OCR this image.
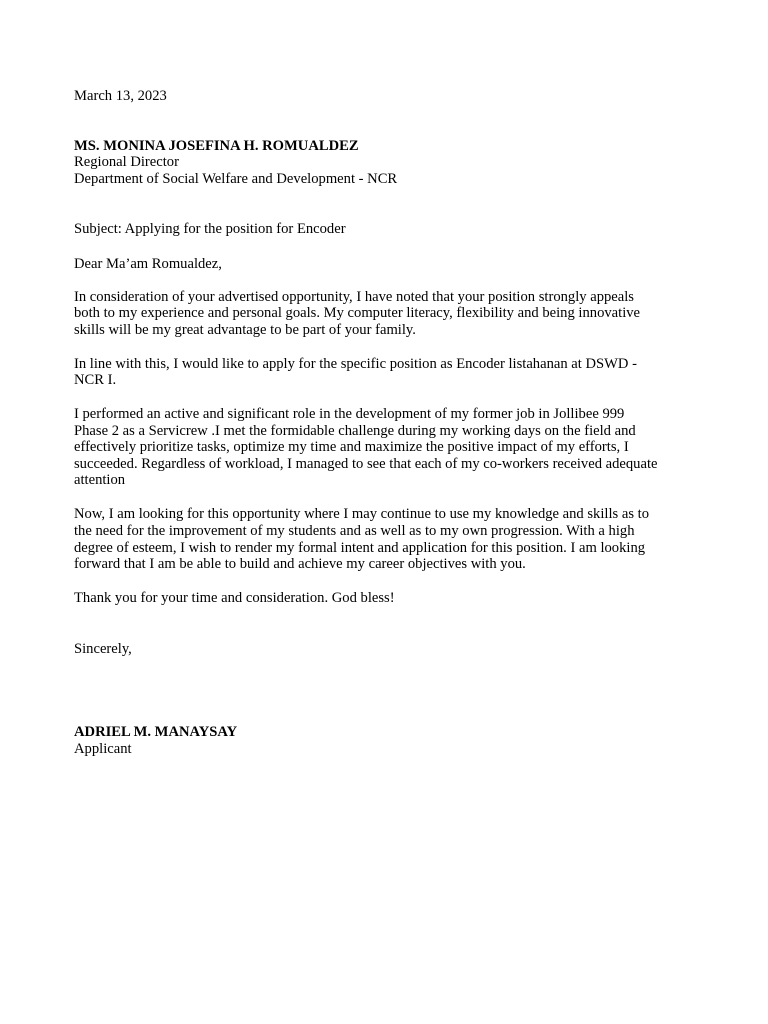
March 13, 2023
MS. MONINA JOSEFINA H. ROMUALDEZ
Regional Director
Department of Social Welfare and Development - NCR
Subject: Applying for the position for Encoder
Dear Ma’am Romualdez,
In consideration of your advertised opportunity, I have noted that your position strongly appeals
both to my experience and personal goals. My computer literacy, flexibility and being innovative
skills will be my great advantage to be part of your family.
In line with this, I would like to apply for the specific position as Encoder listahanan at DSWD -
NCR I.
I performed an active and significant role in the development of my former job in Jollibee 999
Phase 2 as a Servicrew .I met the formidable challenge during my working days on the field and
effectively prioritize tasks, optimize my time and maximize the positive impact of my efforts, I
succeeded. Regardless of workload, I managed to see that each of my co-workers received adequate
attention
Now, I am looking for this opportunity where I may continue to use my knowledge and skills as to
the need for the improvement of my students and as well as to my own progression. With a high
degree of esteem, I wish to render my formal intent and application for this position. I am looking
forward that I am be able to build and achieve my career objectives with you.
Thank you for your time and consideration. God bless!
Sincerely,
ADRIEL M. MANAYSAY
Applicant
